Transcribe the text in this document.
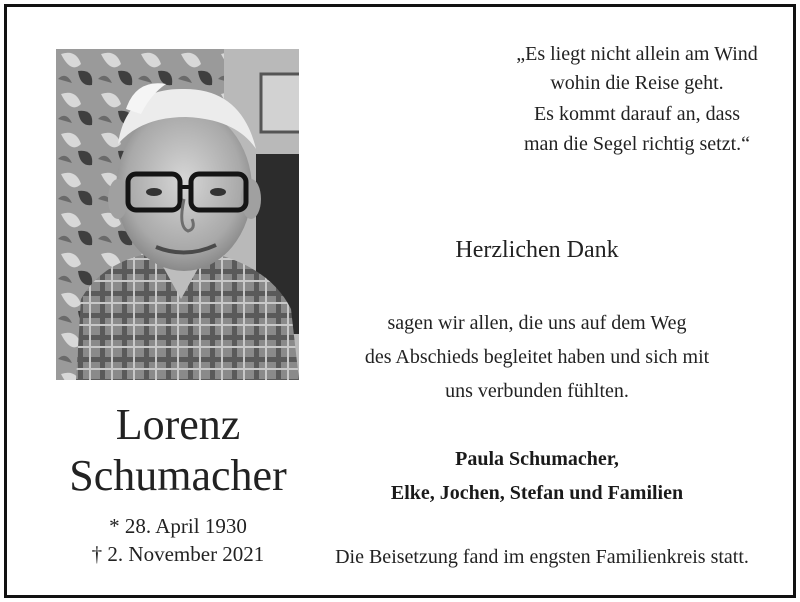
Lorenz
Schumacher
* 28. April 1930
† 2. November 2021
„Es liegt nicht allein am Wind
wohin die Reise geht.
Es kommt darauf an, dass
man die Segel richtig setzt.“
Herzlichen Dank
sagen wir allen, die uns auf dem Weg
des Abschieds begleitet haben und sich mit
uns verbunden fühlten.
Paula Schumacher,
Elke, Jochen, Stefan und Familien
Die Beisetzung fand im engsten Familienkreis statt.
